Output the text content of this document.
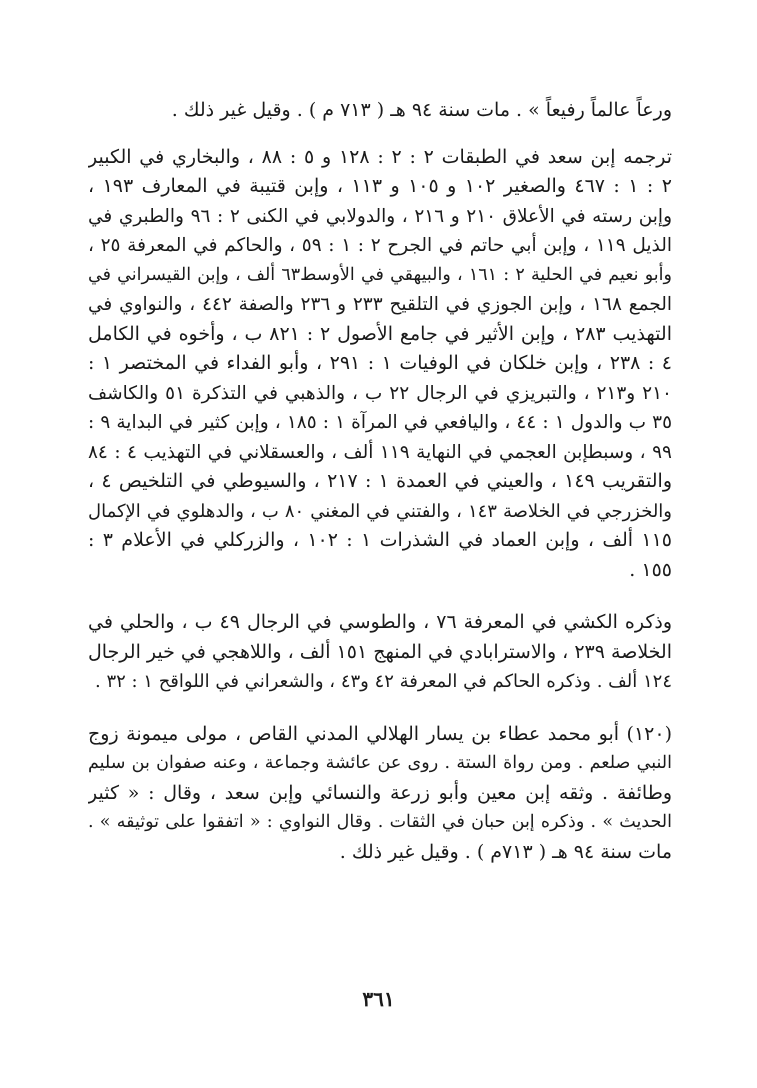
ورعاً عالماً رفيعاً » . مات سنة ٩٤ هـ ( ٧١٣ م ) . وقيل غير ذلك .

ترجمه إبن سعد في الطبقات ٢ : ٢ : ١٢٨ و ٥ : ٨٨ ، والبخاري في الكبير
٢ : ١ : ٤٦٧ والصغير ١٠٢ و ١٠٥ و ١١٣ ، وإبن قتيبة في المعارف ١٩٣ ،
وإبن رسته في الأعلاق ٢١٠ و ٢١٦ ، والدولابي في الكنى ٢ : ٩٦ والطبري في
الذيل ١١٩ ، وإبن أبي حاتم في الجرح ٢ : ١ : ٥٩ ، والحاكم في المعرفة ٢٥ ،
وأبو نعيم في الحلية ٢ : ١٦١ ، والبيهقي في الأوسط٦٣ ألف ، وإبن القيسراني في
الجمع ١٦٨ ، وإبن الجوزي في التلقيح ٢٣٣ و ٢٣٦ والصفة ٤٤٢ ، والنواوي في
التهذيب ٢٨٣ ، وإبن الأثير في جامع الأصول ٢ : ٨٢١ ب ، وأخوه في الكامل
٤ : ٢٣٨ ، وإبن خلكان في الوفيات ١ : ٢٩١ ، وأبو الفداء في المختصر ١ :
٢١٠ و٢١٣ ، والتبريزي في الرجال ٢٢ ب ، والذهبي في التذكرة ٥١ والكاشف
٣٥ ب والدول ١ : ٤٤ ، واليافعي في المرآة ١ : ١٨٥ ، وإبن كثير في البداية ٩ :
٩٩ ، وسبطإبن العجمي في النهاية ١١٩ ألف ، والعسقلاني في التهذيب ٤ : ٨٤
والتقريب ١٤٩ ، والعيني في العمدة ١ : ٢١٧ ، والسيوطي في التلخيص ٤ ،
والخزرجي في الخلاصة ١٤٣ ، والفتني في المغني ٨٠ ب ، والدهلوي في الإكمال
١١٥ ألف ، وإبن العماد في الشذرات ١ : ١٠٢ ، والزركلي في الأعلام ٣ :
١٥٥ .

وذكره الكشي في المعرفة ٧٦ ، والطوسي في الرجال ٤٩ ب ، والحلي في
الخلاصة ٢٣٩ ، والاسترابادي في المنهج ١٥١ ألف ، واللاهجي في خير الرجال
١٢٤ ألف . وذكره الحاكم في المعرفة ٤٢ و٤٣ ، والشعراني في اللواقح ١ : ٣٢ .

(١٢٠) أبو محمد عطاء بن يسار الهلالي المدني القاص ، مولى ميمونة زوج
النبي صلعم . ومن رواة الستة . روى عن عائشة وجماعة ، وعنه صفوان بن سليم
وطائفة . وثقه إبن معين وأبو زرعة والنسائي وإبن سعد ، وقال : « كثير
الحديث » . وذكره إبن حبان في الثقات . وقال النواوي : « اتفقوا على توثيقه » .
مات سنة ٩٤ هـ ( ٧١٣م ) . وقيل غير ذلك .

٣٦١
